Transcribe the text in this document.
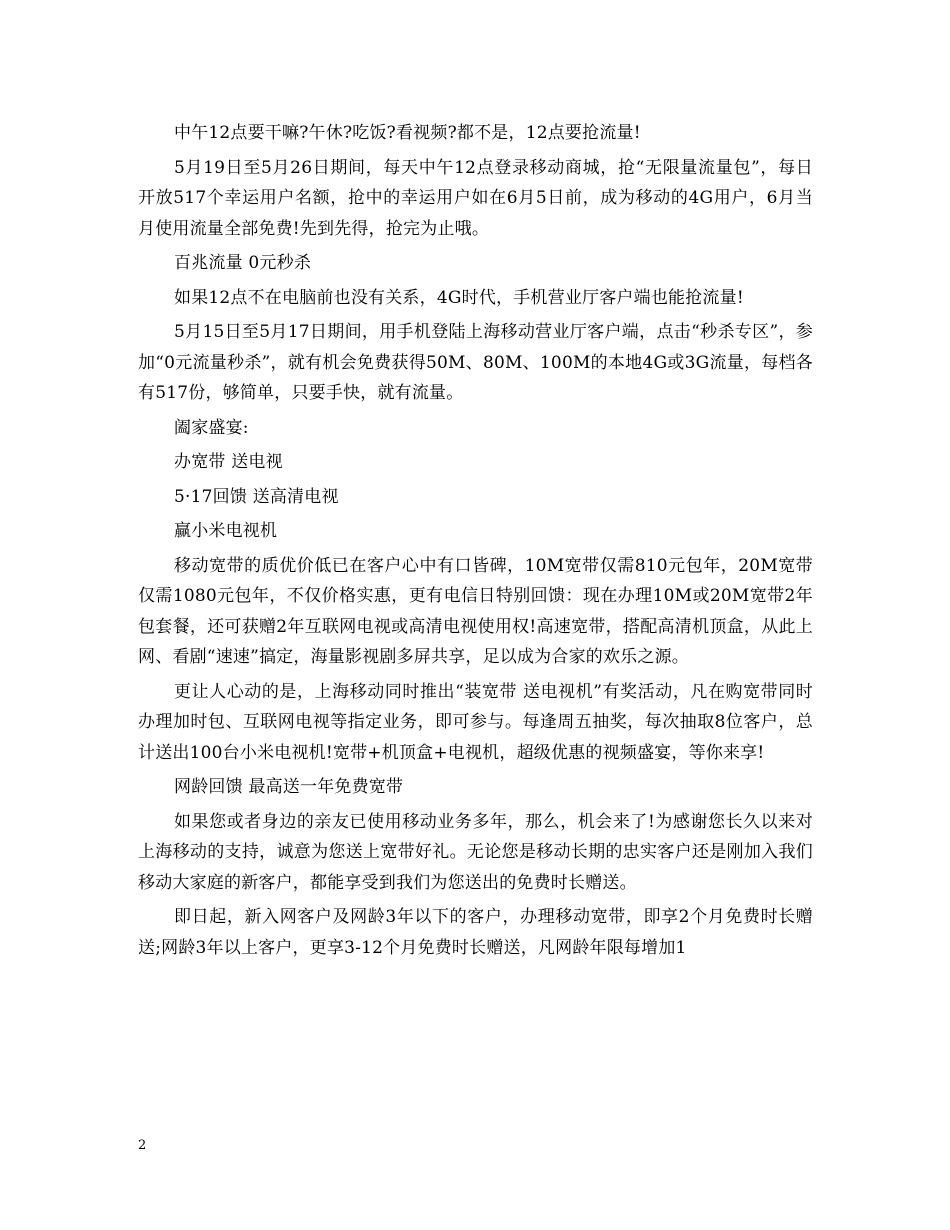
中午12点要干嘛?午休?吃饭?看视频?都不是，12点要抢流量!

5月19日至5月26日期间，每天中午12点登录移动商城，抢“无限量流量包”，每日开放517个幸运用户名额，抢中的幸运用户如在6月5日前，成为移动的4G用户，6月当月使用流量全部免费!先到先得，抢完为止哦。

百兆流量 0元秒杀

如果12点不在电脑前也没有关系，4G时代，手机营业厅客户端也能抢流量!

5月15日至5月17日期间，用手机登陆上海移动营业厅客户端，点击“秒杀专区”，参加“0元流量秒杀”，就有机会免费获得50M、80M、100M的本地4G或3G流量，每档各有517份，够简单，只要手快，就有流量。

阖家盛宴:

办宽带 送电视

5·17回馈 送高清电视

赢小米电视机

移动宽带的质优价低已在客户心中有口皆碑，10M宽带仅需810元包年，20M宽带仅需1080元包年，不仅价格实惠，更有电信日特别回馈：现在办理10M或20M宽带2年包套餐，还可获赠2年互联网电视或高清电视使用权!高速宽带，搭配高清机顶盒，从此上网、看剧“速速”搞定，海量影视剧多屏共享，足以成为合家的欢乐之源。

更让人心动的是，上海移动同时推出“装宽带 送电视机”有奖活动，凡在购宽带同时办理加时包、互联网电视等指定业务，即可参与。每逢周五抽奖，每次抽取8位客户，总计送出100台小米电视机!宽带+机顶盒+电视机，超级优惠的视频盛宴，等你来享!

网龄回馈 最高送一年免费宽带

如果您或者身边的亲友已使用移动业务多年，那么，机会来了!为感谢您长久以来对上海移动的支持，诚意为您送上宽带好礼。无论您是移动长期的忠实客户还是刚加入我们移动大家庭的新客户，都能享受到我们为您送出的免费时长赠送。

即日起，新入网客户及网龄3年以下的客户，办理移动宽带，即享2个月免费时长赠送;网龄3年以上客户，更享3-12个月免费时长赠送，凡网龄年限每增加1

2
